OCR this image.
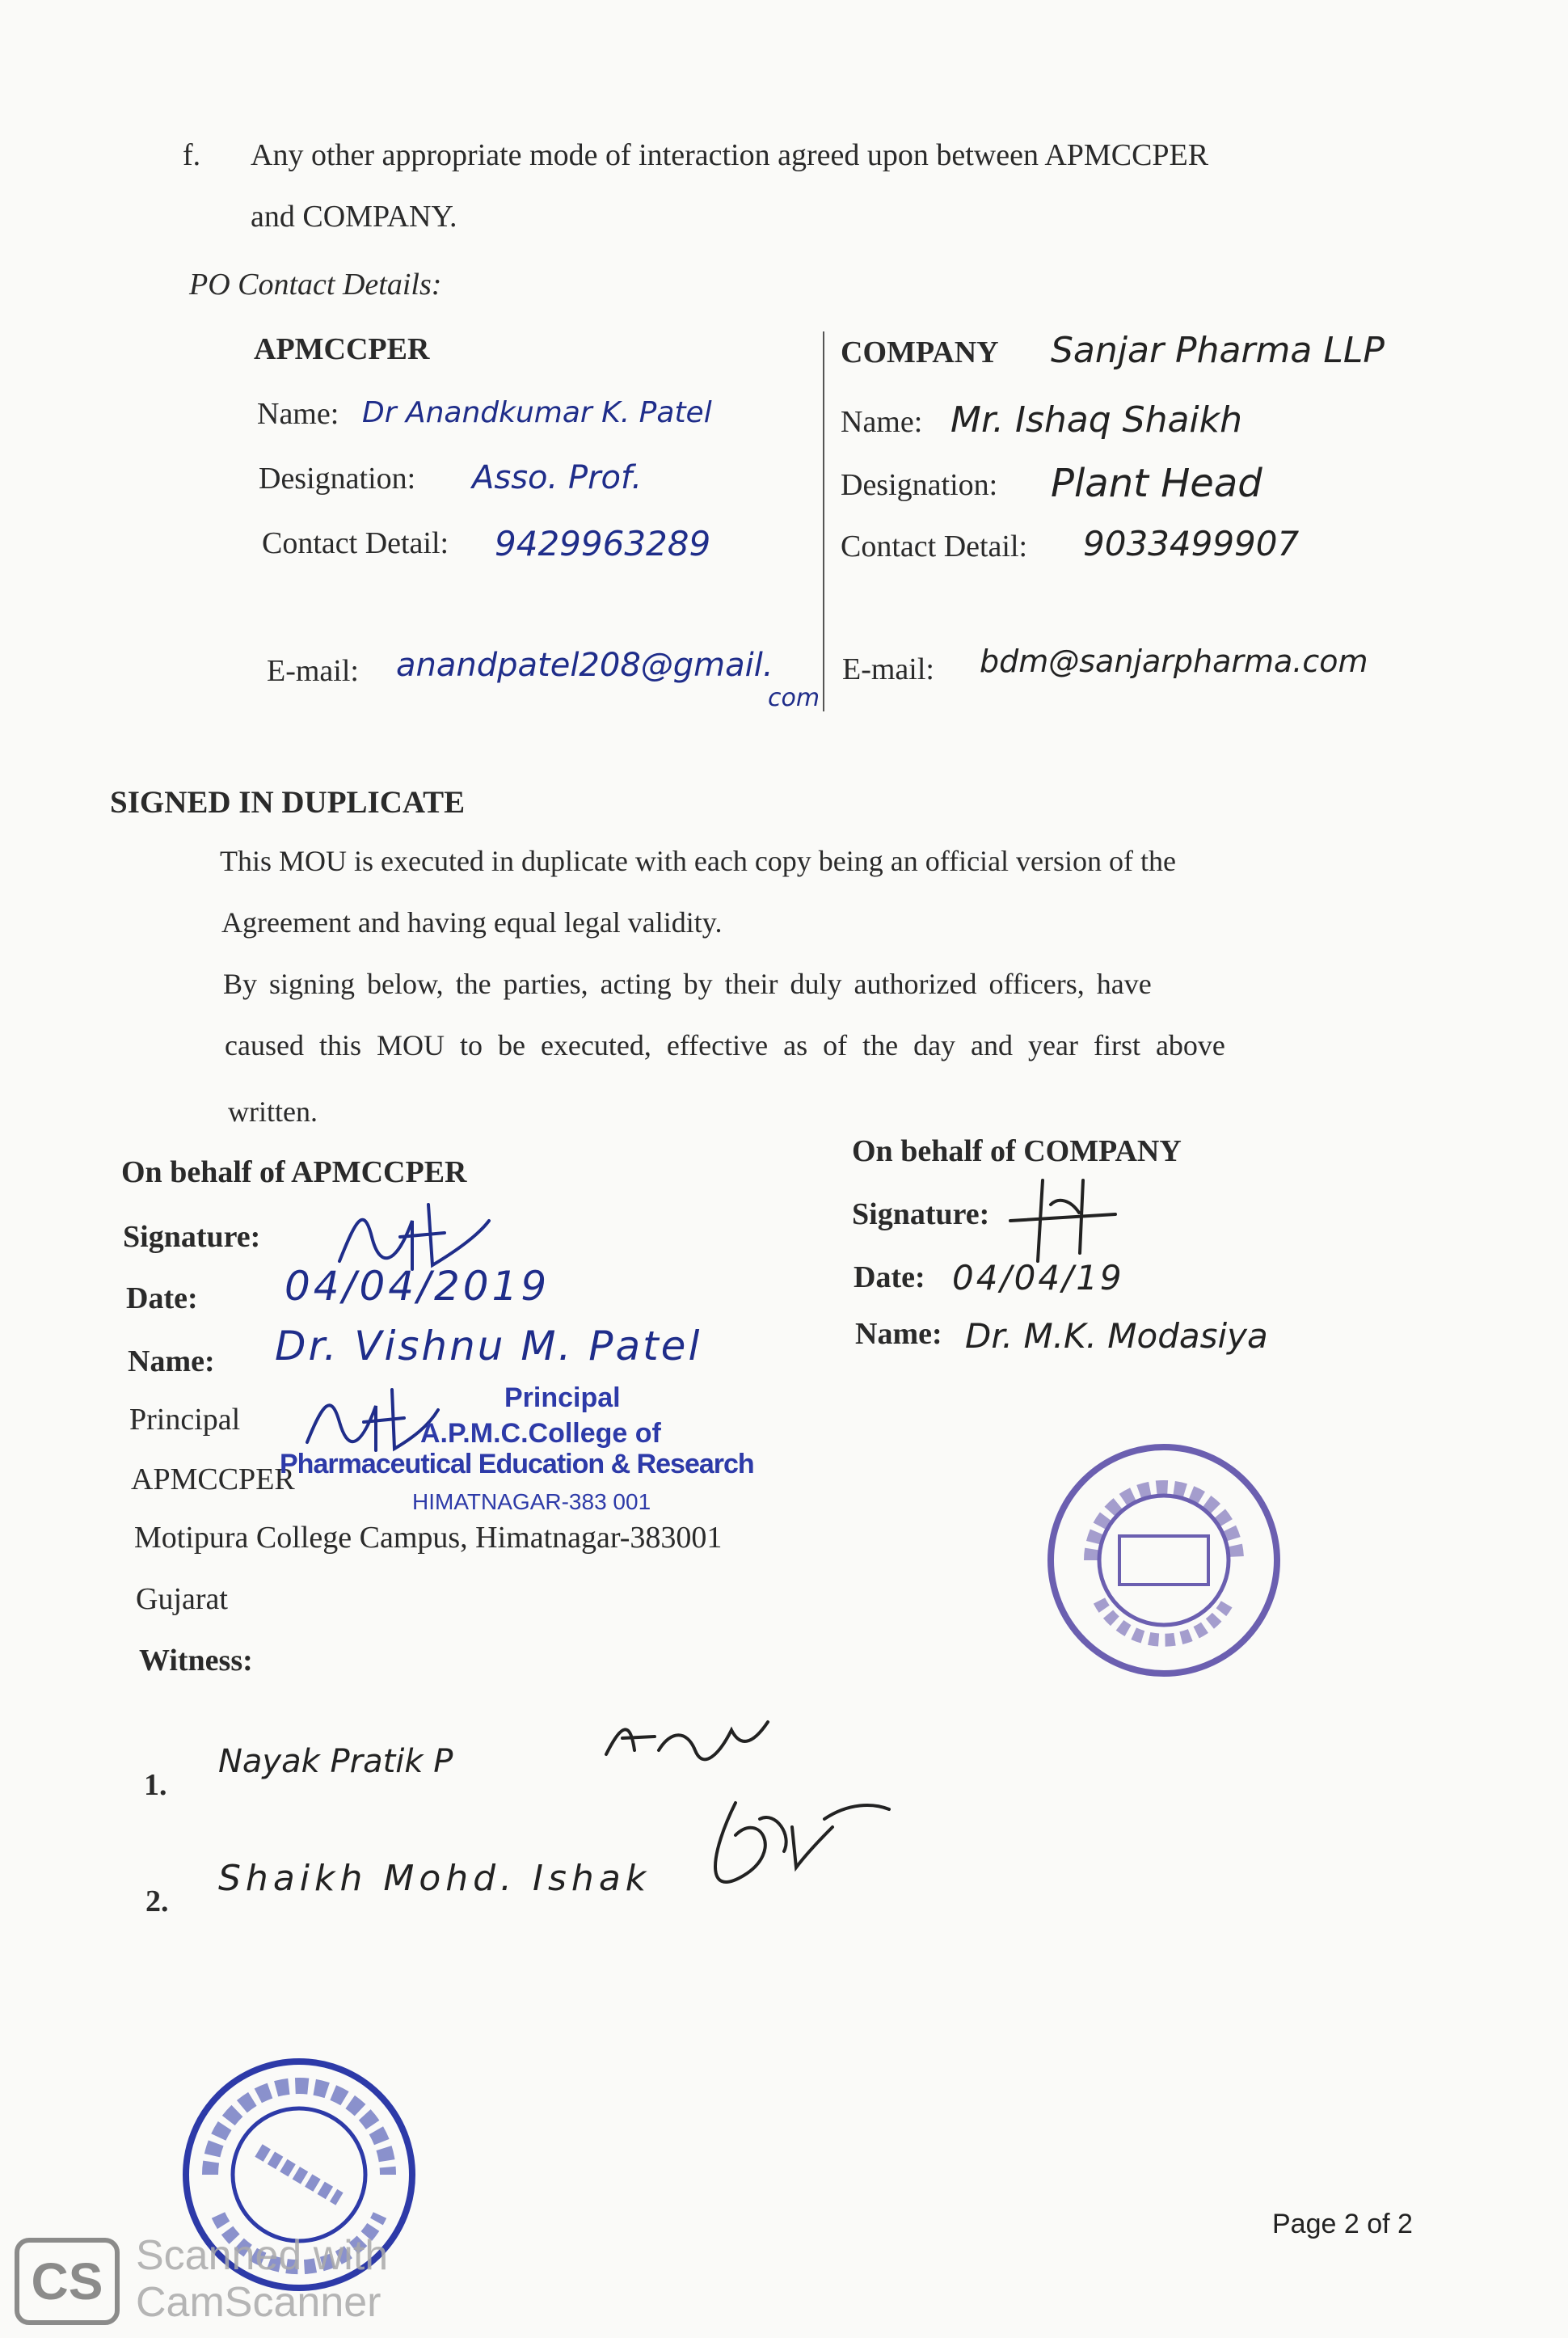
f. Any other appropriate mode of interaction agreed upon between APMCCPER
and COMPANY.
PO Contact Details:
APMCCPER
Name: Dr Anandkumar K. Patel
Designation: Asso. Prof.
Contact Detail: 9429963289
E-mail: anandpatel208@gmail.
com
COMPANY Sanjar Pharma LLP
Name: Mr. Ishaq Shaikh
Designation: Plant Head
Contact Detail: 9033499907
E-mail: bdm@sanjarpharma.com
SIGNED IN DUPLICATE
This MOU is executed in duplicate with each copy being an official version of the
Agreement and having equal legal validity.
By signing below, the parties, acting by their duly authorized officers, have
caused this MOU to be executed, effective as of the day and year first above
written.
On behalf of APMCCPER
Signature:
Date: 04/04/2019
Name: Dr. Vishnu M. Patel
Principal
APMCCPER
Motipura College Campus, Himatnagar-383001
Gujarat
Principal
A.P.M.C.College of
Pharmaceutical Education & Research
HIMATNAGAR-383 001
On behalf of COMPANY
Signature:
Date: 04/04/19
Name: Dr. M.K. Modasiya
Witness:
1.
Nayak Pratik P
2.
Shaikh Mohd. Ishak
Page 2 of 2
CS Scanned with
CamScanner
